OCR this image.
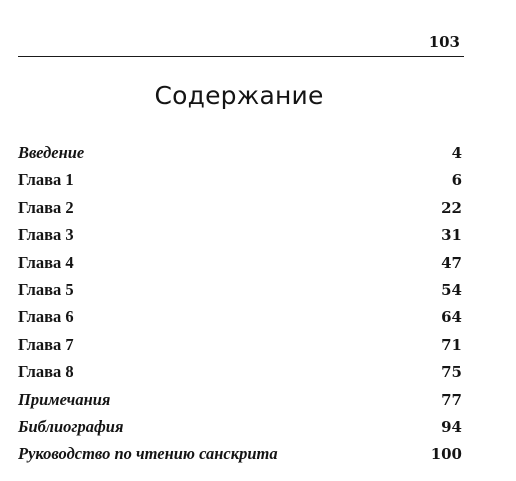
103
Содержание
Введение	4
Глава 1	6
Глава 2	22
Глава 3	31
Глава 4	47
Глава 5	54
Глава 6	64
Глава 7	71
Глава 8	75
Примечания	77
Библиография	94
Руководство по чтению санскрита	100
